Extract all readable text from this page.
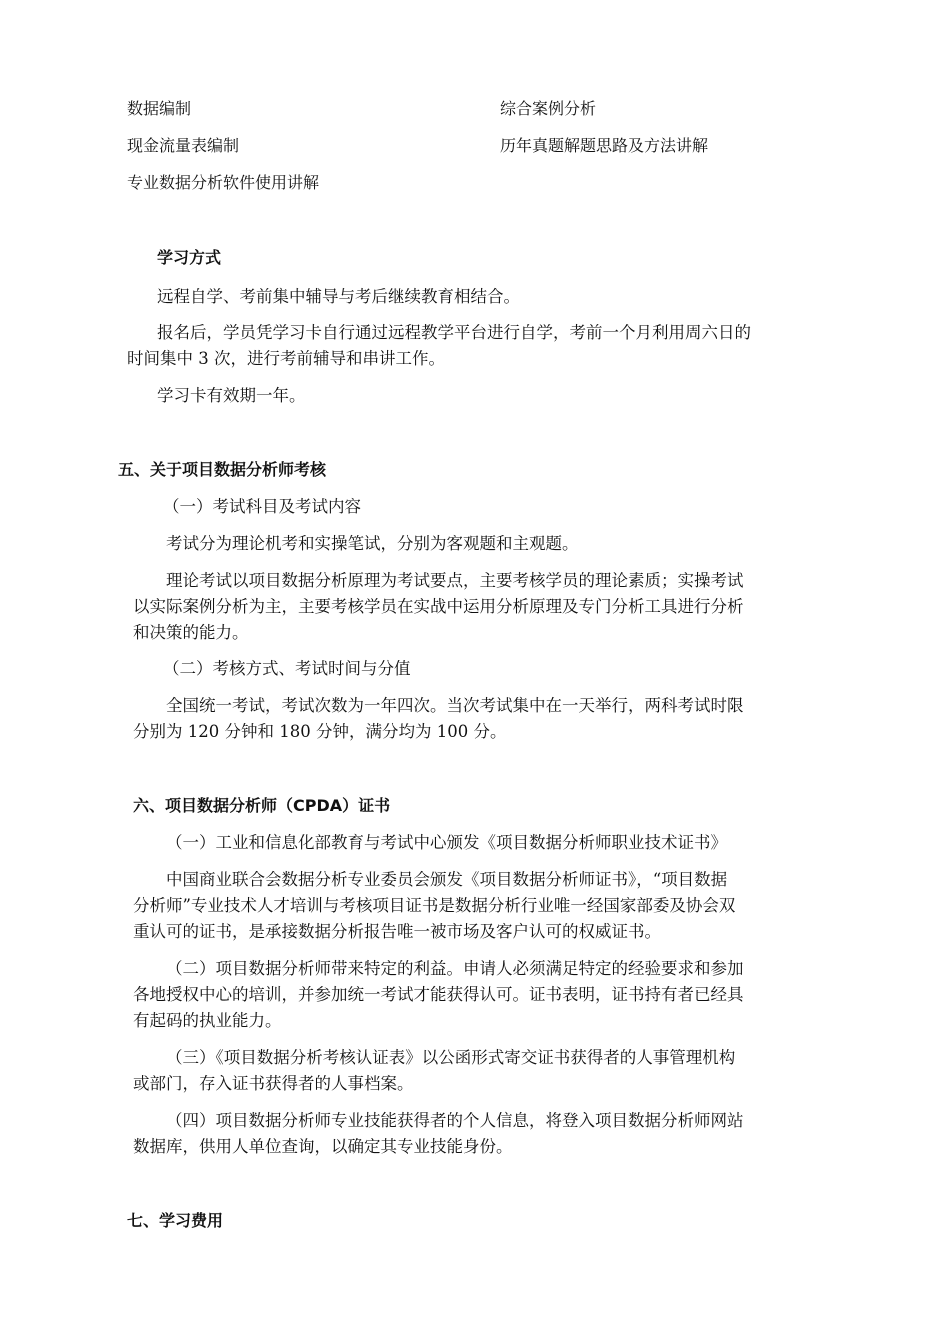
数据编制	综合案例分析
现金流量表编制	历年真题解题思路及方法讲解
专业数据分析软件使用讲解
学习方式
远程自学、考前集中辅导与考后继续教育相结合。
报名后，学员凭学习卡自行通过远程教学平台进行自学，考前一个月利用周六日的
时间集中 3 次，进行考前辅导和串讲工作。
学习卡有效期一年。
五、关于项目数据分析师考核
（一）考试科目及考试内容
考试分为理论机考和实操笔试，分别为客观题和主观题。
理论考试以项目数据分析原理为考试要点，主要考核学员的理论素质；实操考试
以实际案例分析为主，主要考核学员在实战中运用分析原理及专门分析工具进行分析
和决策的能力。
（二）考核方式、考试时间与分值
全国统一考试，考试次数为一年四次。当次考试集中在一天举行，两科考试时限
分别为 120 分钟和 180 分钟，满分均为 100 分。
六、项目数据分析师（CPDA）证书
（一）工业和信息化部教育与考试中心颁发《项目数据分析师职业技术证书》
中国商业联合会数据分析专业委员会颁发《项目数据分析师证书》，“项目数据
分析师”专业技术人才培训与考核项目证书是数据分析行业唯一经国家部委及协会双
重认可的证书，是承接数据分析报告唯一被市场及客户认可的权威证书。
（二）项目数据分析师带来特定的利益。申请人必须满足特定的经验要求和参加
各地授权中心的培训，并参加统一考试才能获得认可。证书表明，证书持有者已经具
有起码的执业能力。
（三）《项目数据分析考核认证表》以公函形式寄交证书获得者的人事管理机构
或部门，存入证书获得者的人事档案。
（四）项目数据分析师专业技能获得者的个人信息，将登入项目数据分析师网站
数据库，供用人单位查询，以确定其专业技能身份。
七、学习费用
